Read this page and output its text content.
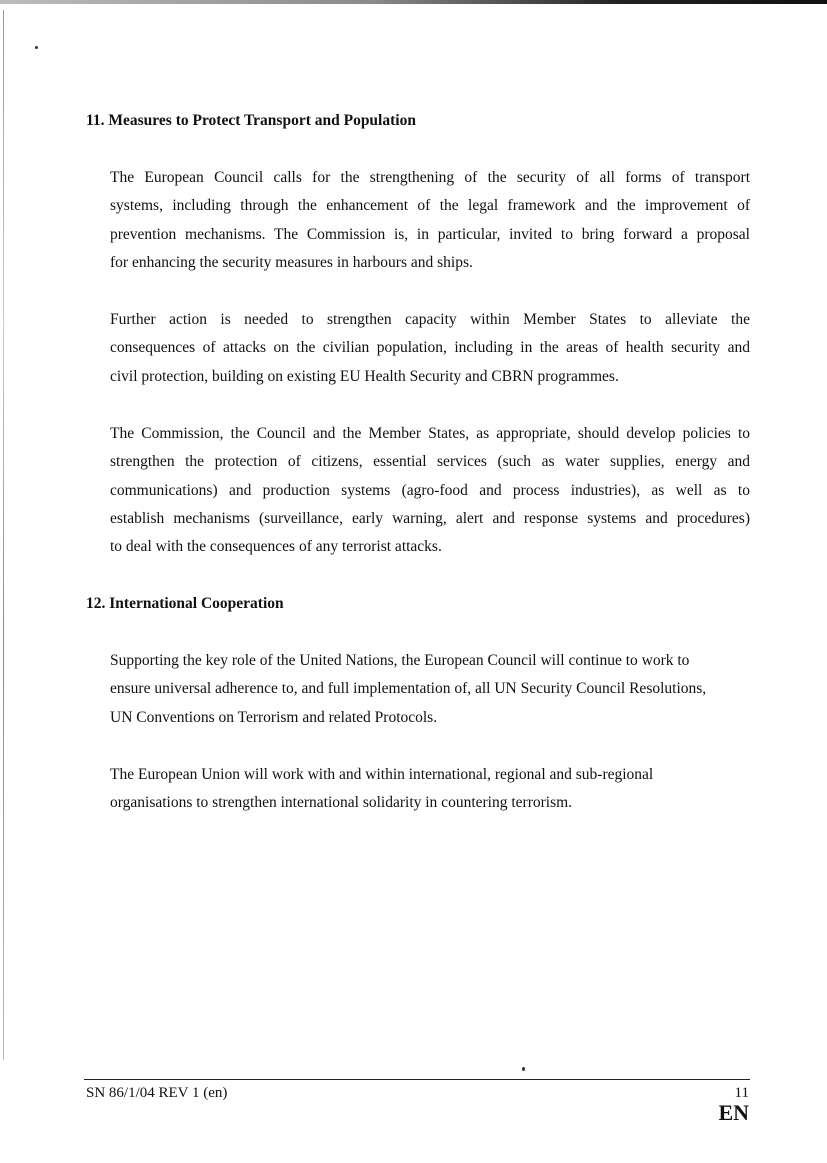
11. Measures to Protect Transport and Population

The European Council calls for the strengthening of the security of all forms of transport
systems, including through the enhancement of the legal framework and the improvement of
prevention mechanisms. The Commission is, in particular, invited to bring forward a proposal
for enhancing the security measures in harbours and ships.

Further action is needed to strengthen capacity within Member States to alleviate the
consequences of attacks on the civilian population, including in the areas of health security and
civil protection, building on existing EU Health Security and CBRN programmes.

The Commission, the Council and the Member States, as appropriate, should develop policies to
strengthen the protection of citizens, essential services (such as water supplies, energy and
communications) and production systems (agro-food and process industries), as well as to
establish mechanisms (surveillance, early warning, alert and response systems and procedures)
to deal with the consequences of any terrorist attacks.

12. International Cooperation

Supporting the key role of the United Nations, the European Council will continue to work to
ensure universal adherence to, and full implementation of, all UN Security Council Resolutions,
UN Conventions on Terrorism and related Protocols.

The European Union will work with and within international, regional and sub-regional
organisations to strengthen international solidarity in countering terrorism.

SN 86/1/04 REV 1 (en)	11
EN
